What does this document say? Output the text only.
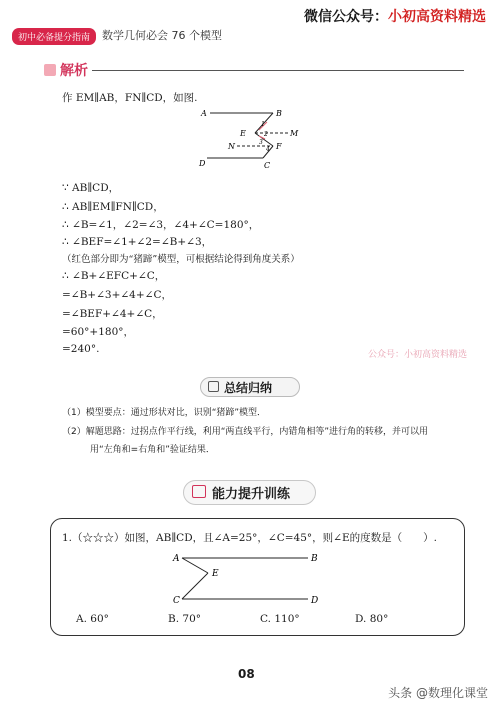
微信公众号：小初高资料精选
初中必备提分指南	数学几何必会 76 个模型
解析
作 EM∥AB，FN∥CD，如图.
A	B
E	M
N	F
D	C
1
2
3
4
∵ AB∥CD，
∴ AB∥EM∥FN∥CD，
∴ ∠B=∠1，∠2=∠3，∠4+∠C=180°，
∴ ∠BEF=∠1+∠2=∠B+∠3，
（红色部分即为“猪蹄”模型，可根据结论得到角度关系）
∴ ∠B+∠EFC+∠C，
=∠B+∠3+∠4+∠C，
=∠BEF+∠4+∠C，
=60°+180°，
=240°.	公众号：小初高资料精选
总结归纳
（1）模型要点：通过形状对比，识别“猪蹄”模型．
（2）解题思路：过拐点作平行线，利用“两直线平行，内错角相等”进行角的转移，并可以用
用“左角和=右角和”验证结果．
能力提升训练
1.（☆☆☆）如图，AB∥CD，且∠A=25°，∠C=45°，则∠E的度数是（　　）.
A	B
E
C	D
A. 60°	B. 70°	C. 110°	D. 80°
08
头条 @数理化课堂
